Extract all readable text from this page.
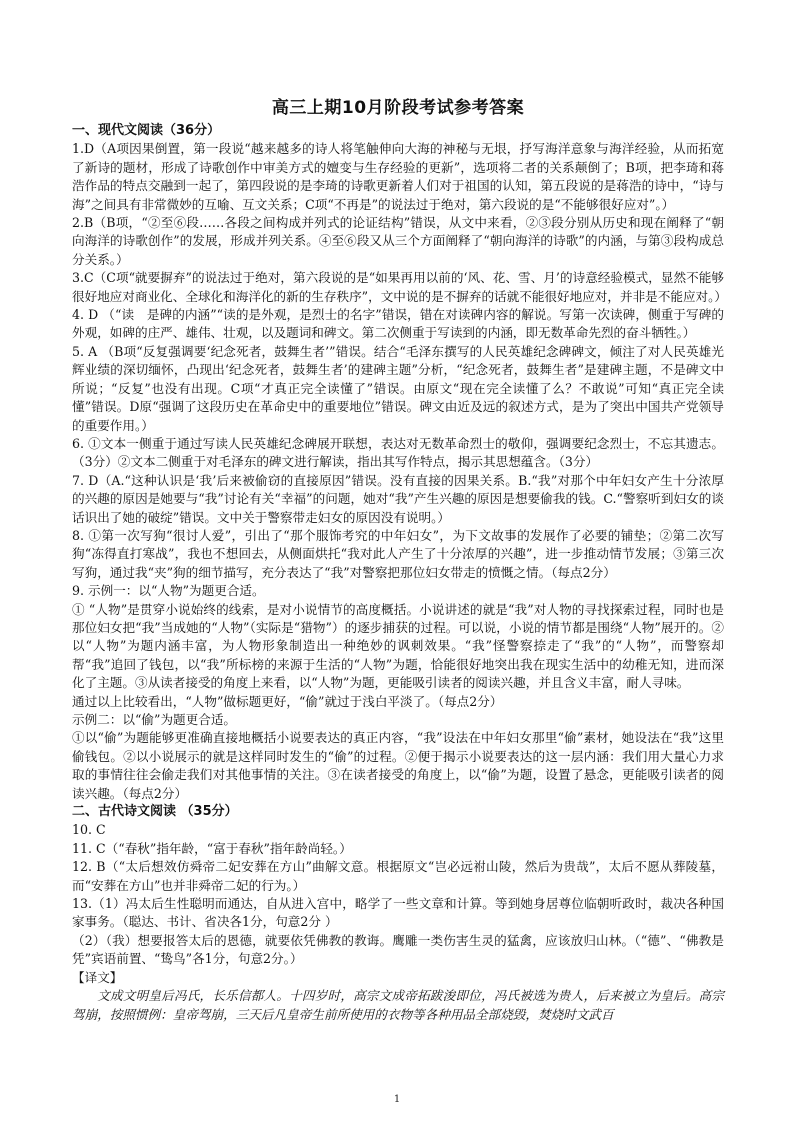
高三上期10月阶段考试参考答案
一、现代文阅读（36分）

1.D（A项因果倒置，第一段说“越来越多的诗人将笔触伸向大海的神秘与无垠，抒写海洋意象与海洋经验，从而拓宽了新诗的题材，形成了诗歌创作中审美方式的嬗变与生存经验的更新”，选项将二者的关系颠倒了；B项，把李琦和蒋浩作品的特点交融到一起了，第四段说的是李琦的诗歌更新着人们对于祖国的认知，第五段说的是蒋浩的诗中，“诗与海”之间具有非常微妙的互喻、互文关系；C项“不再是”的说法过于绝对，第六段说的是“不能够很好应对”。）

2.B（B项，“②至⑥段……各段之间构成并列式的论证结构”错误，从文中来看，②③段分别从历史和现在阐释了“朝向海洋的诗歌创作”的发展，形成并列关系。④至⑥段又从三个方面阐释了“朝向海洋的诗歌”的内涵，与第③段构成总分关系。）

3.C（C项“就要摒弃”的说法过于绝对，第六段说的是“如果再用以前的‘风、花、雪、月’的诗意经验模式，显然不能够很好地应对商业化、全球化和海洋化的新的生存秩序”，文中说的是不摒弃的话就不能很好地应对，并非是不能应对。）

4. D （“读　是碑的内涵”“读的是外观，是烈士的名字”错误，错在对读碑内容的解说。写第一次读碑，侧重于写碑的外观，如碑的庄严、雄伟、壮观，以及题词和碑文。第二次侧重于写读到的内涵，即无数革命先烈的奋斗牺牲。）

5. A （B项“反复强调要‘纪念死者，鼓舞生者’”错误。结合“毛泽东撰写的人民英雄纪念碑碑文，倾注了对人民英雄光辉业绩的深切缅怀，凸现出‘纪念死者，鼓舞生者’的建碑主题”分析，“纪念死者，鼓舞生者”是建碑主题，不是碑文中所说；“反复”也没有出现。C项“才真正完全读懂了”错误。由原文“现在完全读懂了么？不敢说”可知“真正完全读懂”错误。D原“强调了这段历史在革命史中的重要地位”错误。碑文由近及远的叙述方式，是为了突出中国共产党领导的重要作用。）

6. ①文本一侧重于通过写读人民英雄纪念碑展开联想，表达对无数革命烈士的敬仰，强调要纪念烈士，不忘其遗志。（3分）②文本二侧重于对毛泽东的碑文进行解读，指出其写作特点，揭示其思想蕴含。（3分）

7. D（A.“这种认识是‘我’后来被偷窃的直接原因”错误。没有直接的因果关系。B.“我”对那个中年妇女产生十分浓厚的兴趣的原因是她要与“我”讨论有关“幸福”的问题，她对“我”产生兴趣的原因是想要偷我的钱。C.“警察听到妇女的谈话识出了她的破绽”错误。文中关于警察带走妇女的原因没有说明。）

8. ①第一次写狗“很讨人爱”，引出了“那个服饰考究的中年妇女”，为下文故事的发展作了必要的铺垫；②第二次写狗“冻得直打寒战”，我也不想回去，从侧面烘托“我对此人产生了十分浓厚的兴趣”，进一步推动情节发展；③第三次写狗，通过我“夹”狗的细节描写，充分表达了“我”对警察把那位妇女带走的愤慨之情。（每点2分）

9. 示例一：以“人物”为题更合适。

① “人物”是贯穿小说始终的线索，是对小说情节的高度概括。小说讲述的就是“我”对人物的寻找探索过程，同时也是那位妇女把“我”当成她的“人物”（实际是“猎物”）的逐步捕获的过程。可以说，小说的情节都是围绕“人物”展开的。②以“人物”为题内涵丰富，为人物形象制造出一种绝妙的讽刺效果。“我”怪警察捺走了“我”的“人物”，而警察却帮“我”追回了钱包，以“我”所标榜的来源于生活的“人物”为题，恰能很好地突出我在现实生活中的幼稚无知，进而深化了主题。③从读者接受的角度上来看，以“人物”为题，更能吸引读者的阅读兴趣，并且含义丰富，耐人寻味。

通过以上比较看出，“人物”做标题更好，“偷”就过于浅白平淡了。（每点2分）

示例二：以“偷”为题更合适。

①以“偷”为题能够更准确直接地概括小说要表达的真正内容，“我”设法在中年妇女那里“偷”素材，她设法在“我”这里偷钱包。②以小说展示的就是这样同时发生的“偷”的过程。②便于揭示小说要表达的这一层内涵：我们用大量心力求取的事情往往会偷走我们对其他事情的关注。③在读者接受的角度上，以“偷”为题，设置了悬念，更能吸引读者的阅读兴趣。（每点2分）

二、古代诗文阅读 （35分）

10. C

11. C（“春秋”指年龄，“富于春秋”指年龄尚轻。）

12. B（“太后想效仿舜帝二妃安葬在方山”曲解文意。根据原文“岂必远祔山陵，然后为贵哉”，太后不愿从葬陵墓，而“安葬在方山”也并非舜帝二妃的行为。）

13.（1）冯太后生性聪明而通达，自从进入宫中，略学了一些文章和计算。等到她身居尊位临朝听政时，裁决各种国家事务。（聪达、书计、省决各1分，句意2分 ）

（2）（我）想要报答太后的恩德，就要依凭佛教的教诲。鹰雕一类伤害生灵的猛禽，应该放归山林。（“德”、“佛教是凭”宾语前置、“鸷鸟”各1分，句意2分。）

【译文】

文成文明皇后冯氏，长乐信都人。十四岁时，高宗文成帝拓跋浚即位，冯氏被选为贵人，后来被立为皇后。高宗驾崩，按照惯例：皇帝驾崩，三天后凡皇帝生前所使用的衣物等各种用品全部烧毁，焚烧时文武百

1
